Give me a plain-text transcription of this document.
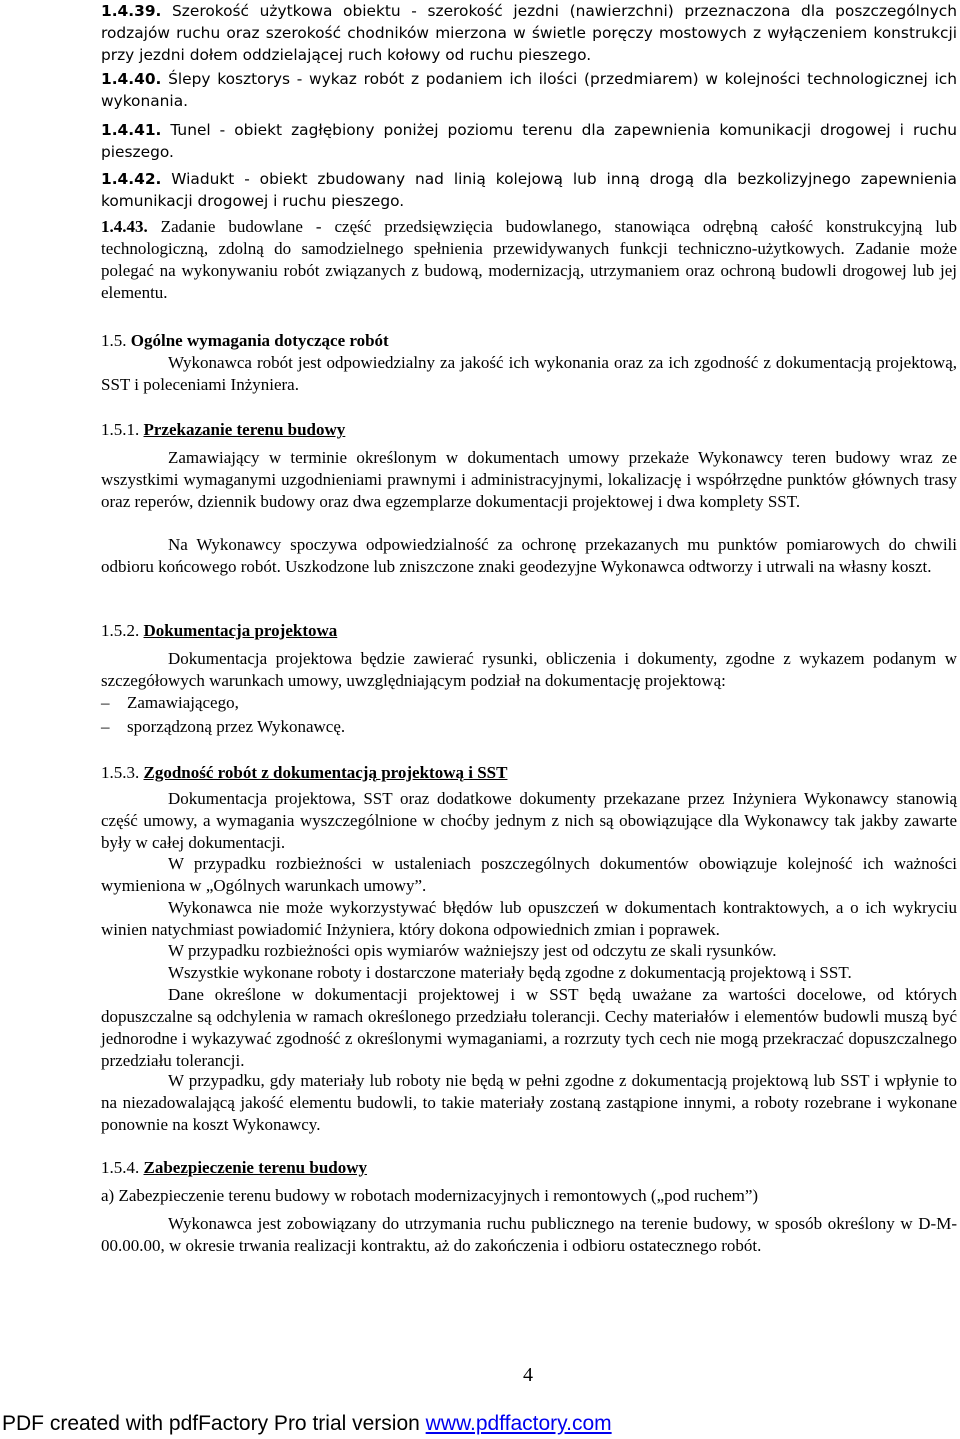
1.4.39. Szerokość użytkowa obiektu - szerokość jezdni (nawierzchni) przeznaczona dla poszczególnych rodzajów ruchu oraz szerokość chodników mierzona w świetle poręczy mostowych z wyłączeniem konstrukcji przy jezdni dołem oddzielającej ruch kołowy od ruchu pieszego.

1.4.40. Ślepy kosztorys - wykaz robót z podaniem ich ilości (przedmiarem) w kolejności technologicznej ich wykonania.

1.4.41. Tunel - obiekt zagłębiony poniżej poziomu terenu dla zapewnienia komunikacji drogowej i ruchu pieszego.

1.4.42. Wiadukt - obiekt zbudowany nad linią kolejową lub inną drogą dla bezkolizyjnego zapewnienia komunikacji drogowej i ruchu pieszego.

1.4.43. Zadanie budowlane - część przedsięwzięcia budowlanego, stanowiąca odrębną całość konstrukcyjną lub technologiczną, zdolną do samodzielnego spełnienia przewidywanych funkcji techniczno-użytkowych. Zadanie może polegać na wykonywaniu robót związanych z budową, modernizacją, utrzymaniem oraz ochroną budowli drogowej lub jej elementu.

1.5. Ogólne wymagania dotyczące robót

Wykonawca robót jest odpowiedzialny za jakość ich wykonania oraz za ich zgodność z dokumentacją projektową, SST i poleceniami Inżyniera.

1.5.1. Przekazanie terenu budowy

Zamawiający w terminie określonym w dokumentach umowy przekaże Wykonawcy teren budowy wraz ze wszystkimi wymaganymi uzgodnieniami prawnymi i administracyjnymi, lokalizację i współrzędne punktów głównych trasy oraz reperów, dziennik budowy oraz dwa egzemplarze dokumentacji projektowej i dwa komplety SST.

Na Wykonawcy spoczywa odpowiedzialność za ochronę przekazanych mu punktów pomiarowych do chwili odbioru końcowego robót. Uszkodzone lub zniszczone znaki geodezyjne Wykonawca odtworzy i utrwali na własny koszt.

1.5.2. Dokumentacja projektowa

Dokumentacja projektowa będzie zawierać rysunki, obliczenia i dokumenty, zgodne z wykazem podanym w szczegółowych warunkach umowy, uwzględniającym podział na dokumentację projektową:

– Zamawiającego,
– sporządzoną przez Wykonawcę.

1.5.3. Zgodność robót z dokumentacją projektową i SST

Dokumentacja projektowa, SST oraz dodatkowe dokumenty przekazane przez Inżyniera Wykonawcy stanowią część umowy, a wymagania wyszczególnione w choćby jednym z nich są obowiązujące dla Wykonawcy tak jakby zawarte były w całej dokumentacji.

W przypadku rozbieżności w ustaleniach poszczególnych dokumentów obowiązuje kolejność ich ważności wymieniona w „Ogólnych warunkach umowy”.

Wykonawca nie może wykorzystywać błędów lub opuszczeń w dokumentach kontraktowych, a o ich wykryciu winien natychmiast powiadomić Inżyniera, który dokona odpowiednich zmian i poprawek.

W przypadku rozbieżności opis wymiarów ważniejszy jest od odczytu ze skali rysunków.

Wszystkie wykonane roboty i dostarczone materiały będą zgodne z dokumentacją projektową i SST.

Dane określone w dokumentacji projektowej i w SST będą uważane za wartości docelowe, od których dopuszczalne są odchylenia w ramach określonego przedziału tolerancji. Cechy materiałów i elementów budowli muszą być jednorodne i wykazywać zgodność z określonymi wymaganiami, a rozrzuty tych cech nie mogą przekraczać dopuszczalnego przedziału tolerancji.

W przypadku, gdy materiały lub roboty nie będą w pełni zgodne z dokumentacją projektową lub SST i wpłynie to na niezadowalającą jakość elementu budowli, to takie materiały zostaną zastąpione innymi, a roboty rozebrane i wykonane ponownie na koszt Wykonawcy.

1.5.4. Zabezpieczenie terenu budowy

a) Zabezpieczenie terenu budowy w robotach modernizacyjnych i remontowych („pod ruchem”)

Wykonawca jest zobowiązany do utrzymania ruchu publicznego na terenie budowy, w sposób określony w D-M-00.00.00, w okresie trwania realizacji kontraktu, aż do zakończenia i odbioru ostatecznego robót.

4
PDF created with pdfFactory Pro trial version www.pdffactory.com
